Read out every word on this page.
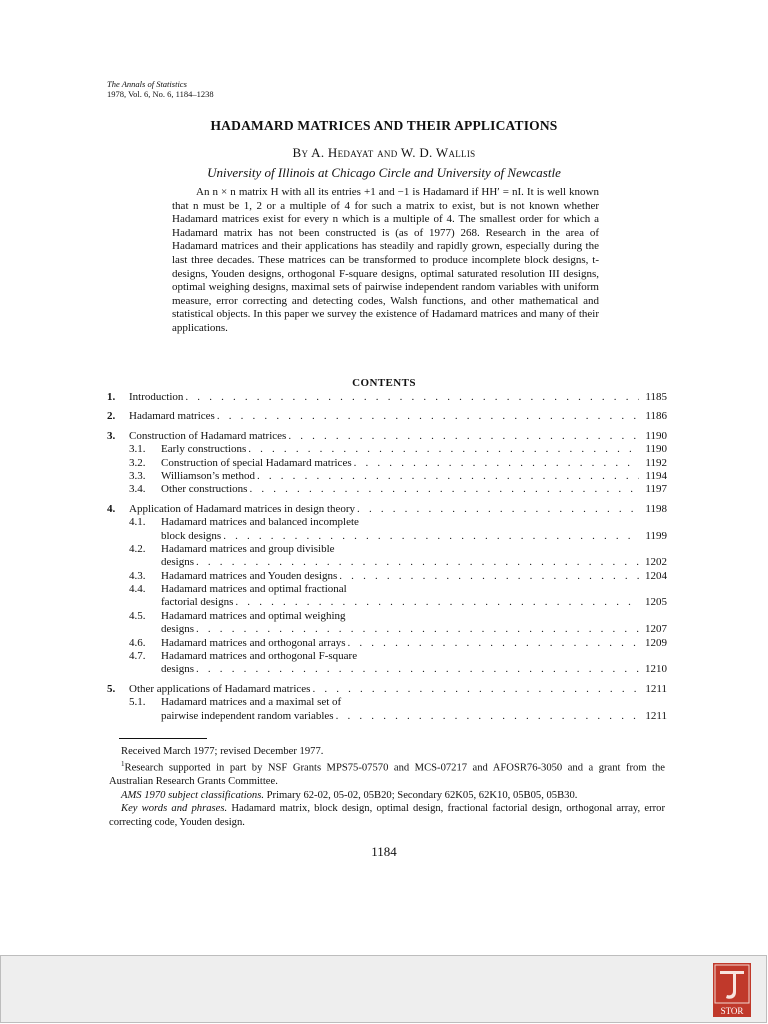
The Annals of Statistics
1978, Vol. 6, No. 6, 1184–1238
HADAMARD MATRICES AND THEIR APPLICATIONS
By A. Hedayat and W. D. Wallis
University of Illinois at Chicago Circle and University of Newcastle
An n × n matrix H with all its entries +1 and −1 is Hadamard if HH′ = nI. It is well known that n must be 1, 2 or a multiple of 4 for such a matrix to exist, but is not known whether Hadamard matrices exist for every n which is a multiple of 4. The smallest order for which a Hadamard matrix has not been constructed is (as of 1977) 268. Research in the area of Hadamard matrices and their applications has steadily and rapidly grown, especially during the last three decades. These matrices can be transformed to produce incomplete block designs, t-designs, Youden designs, orthogonal F-square designs, optimal saturated resolution III designs, optimal weighing designs, maximal sets of pairwise independent random variables with uniform measure, error correcting and detecting codes, Walsh functions, and other mathematical and statistical objects. In this paper we survey the existence of Hadamard matrices and many of their applications.
CONTENTS
1.	Introduction . . .	1185
2.	Hadamard matrices . . .	1186
3.	Construction of Hadamard matrices . . .	1190
3.1.	Early constructions . . .	1190
3.2.	Construction of special Hadamard matrices . . .	1192
3.3.	Williamson’s method . . .	1194
3.4.	Other constructions . . .	1197
4.	Application of Hadamard matrices in design theory . . .	1198
4.1.	Hadamard matrices and balanced incomplete
block designs . . .	1199
4.2.	Hadamard matrices and group divisible
designs . . .	1202
4.3.	Hadamard matrices and Youden designs . . .	1204
4.4.	Hadamard matrices and optimal fractional
factorial designs . . .	1205
4.5.	Hadamard matrices and optimal weighing
designs . . .	1207
4.6.	Hadamard matrices and orthogonal arrays . . .	1209
4.7.	Hadamard matrices and orthogonal F-square
designs . . .	1210
5.	Other applications of Hadamard matrices . . .	1211
5.1.	Hadamard matrices and a maximal set of
pairwise independent random variables . . .	1211

Received March 1977; revised December 1977.

$^1$Research supported in part by NSF Grants MPS75-07570 and MCS-07217 and AFOSR76-3050 and a grant from the Australian Research Grants Committee.

AMS 1970 subject classifications. Primary 62-02, 05-02, 05B20; Secondary 62K05, 62K10, 05B05, 05B30.

Key words and phrases. Hadamard matrix, block design, optimal design, fractional factorial design, orthogonal array, error correcting code, Youden design.

1184
STOR
